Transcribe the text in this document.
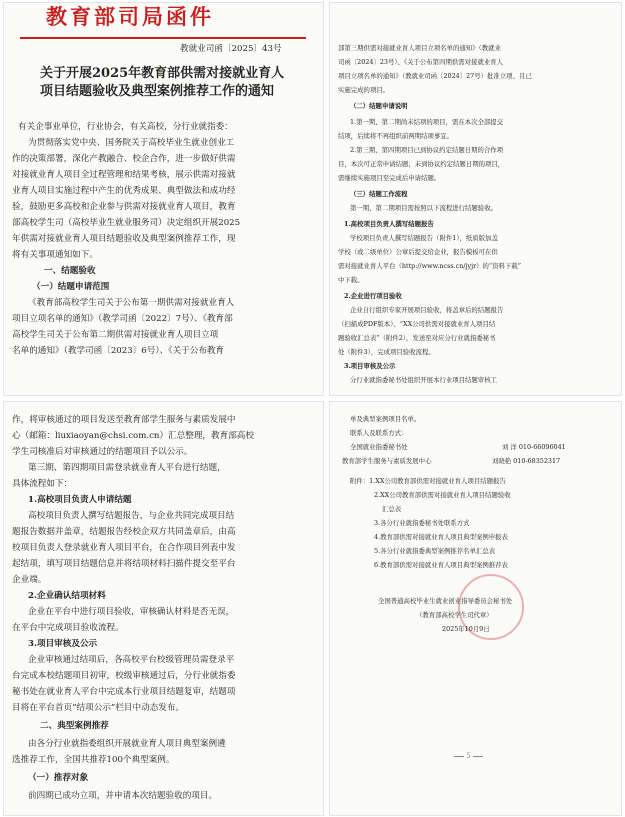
教育部司局函件
教就业司函〔2025〕43号
关于开展2025年教育部供需对接就业育人
项目结题验收及典型案例推荐工作的通知
有关企事业单位，行业协会，有关高校，分行业就指委：
为贯彻落实党中央、国务院关于高校毕业生就业创业工
作的决策部署，深化产教融合、校企合作，进一步做好供需
对接就业育人项目全过程管理和结果考核，展示供需对接就
业育人项目实施过程中产生的优秀成果、典型做法和成功经
验，鼓励更多高校和企业参与供需对接就业育人项目，教育
部高校学生司（高校毕业生就业服务司）决定组织开展2025
年供需对接就业育人项目结题验收及典型案例推荐工作，现
将有关事项通知如下。
一、结题验收
（一）结题申请范围
《教育部高校学生司关于公布第一期供需对接就业育人
项目立项名单的通知》（教学司函〔2022〕7号）、《教育部
高校学生司关于公布第二期供需对接就业育人项目立项
名单的通知》（教学司函〔2023〕6号）、《关于公布教育
部第三期供需对接就业育人项目立项名单的通知》（教就业
司函〔2024〕23号）、《关于公布第四期供需对接就业育人
项目立项名单的通知》（教就业司函〔2024〕27号）批准立项、且已
实施完成的项目。
（二）结题申请说明
1.第一期、第二期尚未结项的项目，需在本次全部提交
结项，后续将不再组织前两期结项事宜。
2.第三期、第四期项目已到协议约定结题日期的合作项
目，本次可正常申请结题；未到协议约定结题日期的项目，
需继续实施项目至完成后申请结题。
（三）结题工作流程
第一期、第二期项目需按照以下流程进行结题验收。
1.高校项目负责人撰写结题报告
学校项目负责人撰写结题报告（附件1），纸质版加盖
学校（或二级单位）公章后提交给企业，报告模板可在供
需对接就业育人平台（http://www.ncss.cn/jyjr）的“资料下载”
中下载。
2.企业进行项目验收
企业自行组织专家开展项目验收，将盖章后的结题报告
（扫描成PDF版本）、“XX公司供需对接就业育人项目结
题验收汇总表”（附件2），发送至对应分行业就指委秘书
处（附件3），完成项目验收流程。
3.项目审核及公示
分行业就指委秘书处组织开展本行业项目结题审核工
作，将审核通过的项目发送至教育部学生服务与素质发展中
心（邮箱：liuxiaoyan@chsi.com.cn）汇总整理，教育部高校
学生司核准后对审核通过的结题项目予以公示。
第三期、第四期项目需登录就业育人平台进行结题，
具体流程如下：
1.高校项目负责人申请结题
高校项目负责人撰写结题报告，与企业共同完成项目结
题报告数据并盖章，结题报告经校企双方共同盖章后，由高
校项目负责人登录就业育人项目平台，在合作项目列表中发
起结项，填写项目结题信息并将结项材料扫描件提交至平台
企业端。
2.企业确认结项材料
企业在平台中进行项目验收，审核确认材料是否无误，
在平台中完成项目验收流程。
3.项目审核及公示
企业审核通过结项后，各高校平台校级管理员需登录平
台完成本校结题项目初审，校级审核通过后，分行业就指委
秘书处在就业育人平台中完成本行业项目结题复审，结题项
目将在平台首页“结项公示”栏目中动态发布。
二、典型案例推荐
由各分行业就指委组织开展就业育人项目典型案例遴
选推荐工作，全国共推荐100个典型案例。
（一）推荐对象
前四期已成功立项，并申请本次结题验收的项目。
单及典型案例项目名单。
联系人及联系方式：
全国就业指委秘书处	刘 洋 010-66096041
教育部学生服务与素质发展中心	刘晓艳 010-68352317
附件：1.XX公司教育部供需对接就业育人项目结题报告
2.XX公司教育部供需对接就业育人项目结题验收
汇总表
3.各分行业就指委秘书处联系方式
4.教育部供需对接就业育人项目典型案例申报表
5.各分行业就指委典型案例推荐名单汇总表
6.教育部供需对接就业育人项目典型案例推荐表
全国普通高校毕业生就业创业指导委员会秘书处
（教育部高校学生司代章）
2025年10月9日
5
